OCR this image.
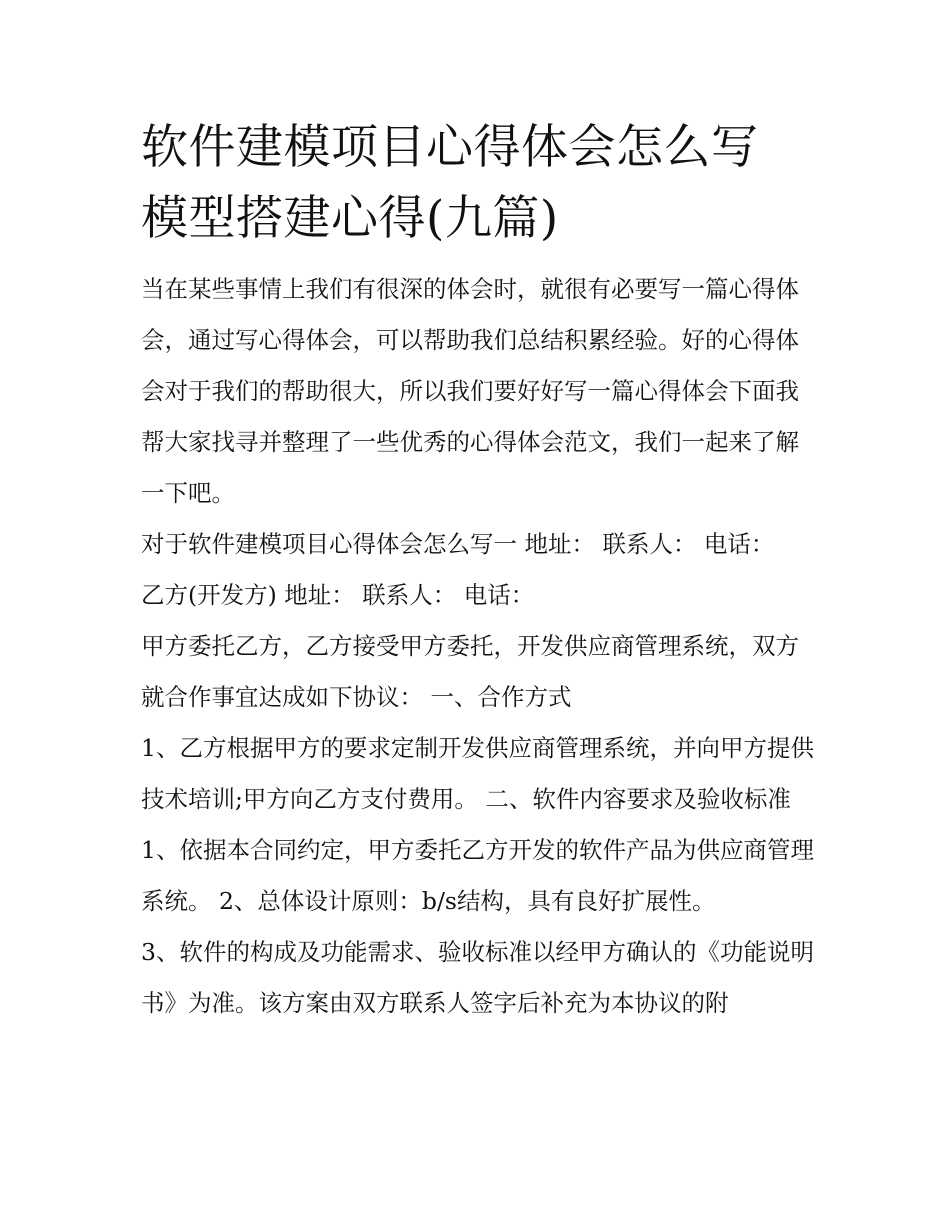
软件建模项目心得体会怎么写 模型搭建心得(九篇)

当在某些事情上我们有很深的体会时，就很有必要写一篇心得体会，通过写心得体会，可以帮助我们总结积累经验。好的心得体会对于我们的帮助很大，所以我们要好好写一篇心得体会下面我帮大家找寻并整理了一些优秀的心得体会范文，我们一起来了解一下吧。

对于软件建模项目心得体会怎么写一 地址： 联系人： 电话：

乙方(开发方) 地址： 联系人： 电话：

甲方委托乙方，乙方接受甲方委托，开发供应商管理系统，双方就合作事宜达成如下协议： 一、合作方式

1、乙方根据甲方的要求定制开发供应商管理系统，并向甲方提供技术培训;甲方向乙方支付费用。 二、软件内容要求及验收标准

1、依据本合同约定，甲方委托乙方开发的软件产品为供应商管理系统。 2、总体设计原则：b/s结构，具有良好扩展性。

3、软件的构成及功能需求、验收标准以经甲方确认的《功能说明书》为准。该方案由双方联系人签字后补充为本协议的附
